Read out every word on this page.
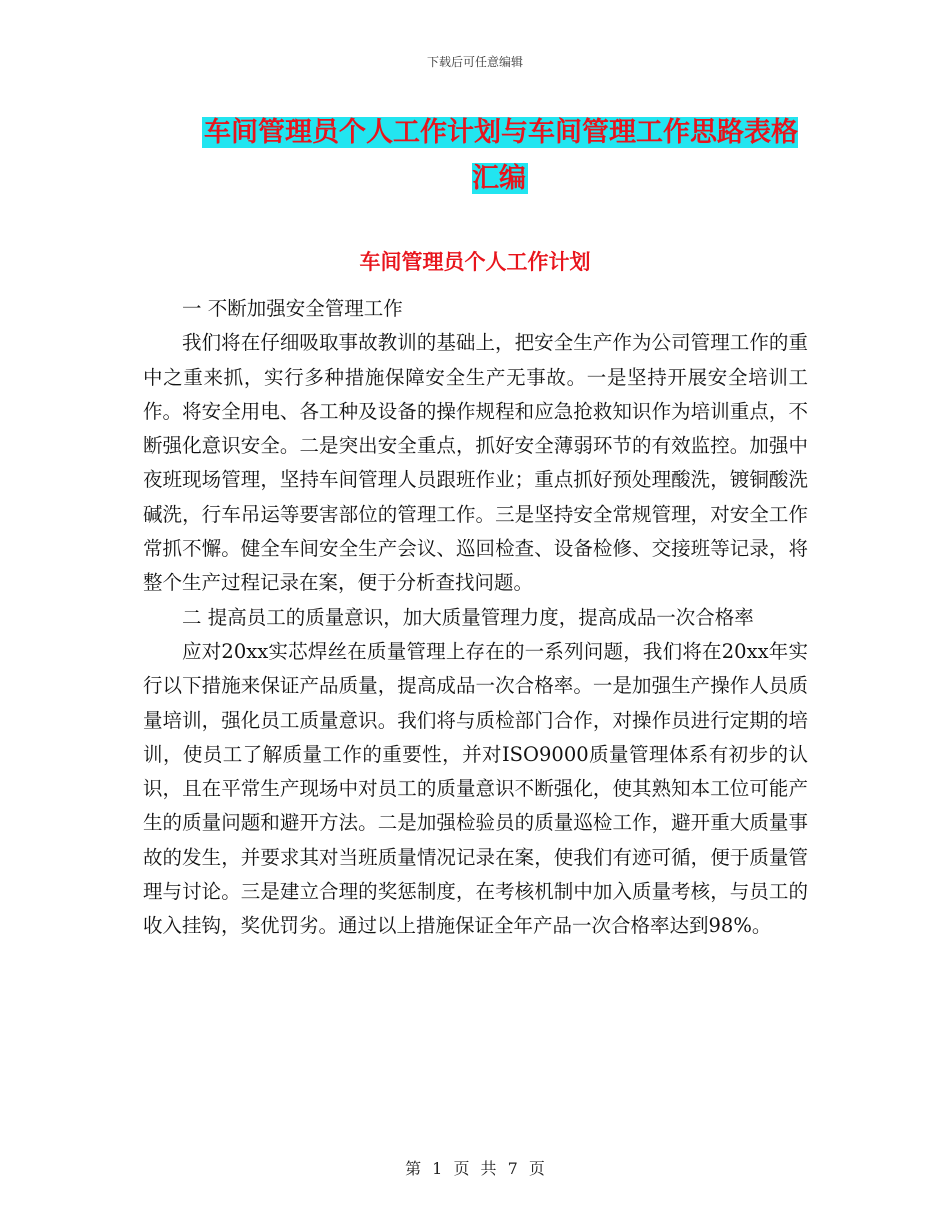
下载后可任意编辑
车间管理员个人工作计划与车间管理工作思路表格汇编
车间管理员个人工作计划

一 不断加强安全管理工作

我们将在仔细吸取事故教训的基础上，把安全生产作为公司管理工作的重中之重来抓，实行多种措施保障安全生产无事故。一是坚持开展安全培训工作。将安全用电、各工种及设备的操作规程和应急抢救知识作为培训重点，不断强化意识安全。二是突出安全重点，抓好安全薄弱环节的有效监控。加强中夜班现场管理，坚持车间管理人员跟班作业；重点抓好预处理酸洗，镀铜酸洗碱洗，行车吊运等要害部位的管理工作。三是坚持安全常规管理，对安全工作常抓不懈。健全车间安全生产会议、巡回检查、设备检修、交接班等记录，将整个生产过程记录在案，便于分析查找问题。

二 提高员工的质量意识，加大质量管理力度，提高成品一次合格率

应对20xx实芯焊丝在质量管理上存在的一系列问题，我们将在20xx年实行以下措施来保证产品质量，提高成品一次合格率。一是加强生产操作人员质量培训，强化员工质量意识。我们将与质检部门合作，对操作员进行定期的培训，使员工了解质量工作的重要性，并对ISO9000质量管理体系有初步的认识，且在平常生产现场中对员工的质量意识不断强化，使其熟知本工位可能产生的质量问题和避开方法。二是加强检验员的质量巡检工作，避开重大质量事故的发生，并要求其对当班质量情况记录在案，使我们有迹可循，便于质量管理与讨论。三是建立合理的奖惩制度，在考核机制中加入质量考核，与员工的收入挂钩，奖优罚劣。通过以上措施保证全年产品一次合格率达到98%。

第 1 页 共 7 页
